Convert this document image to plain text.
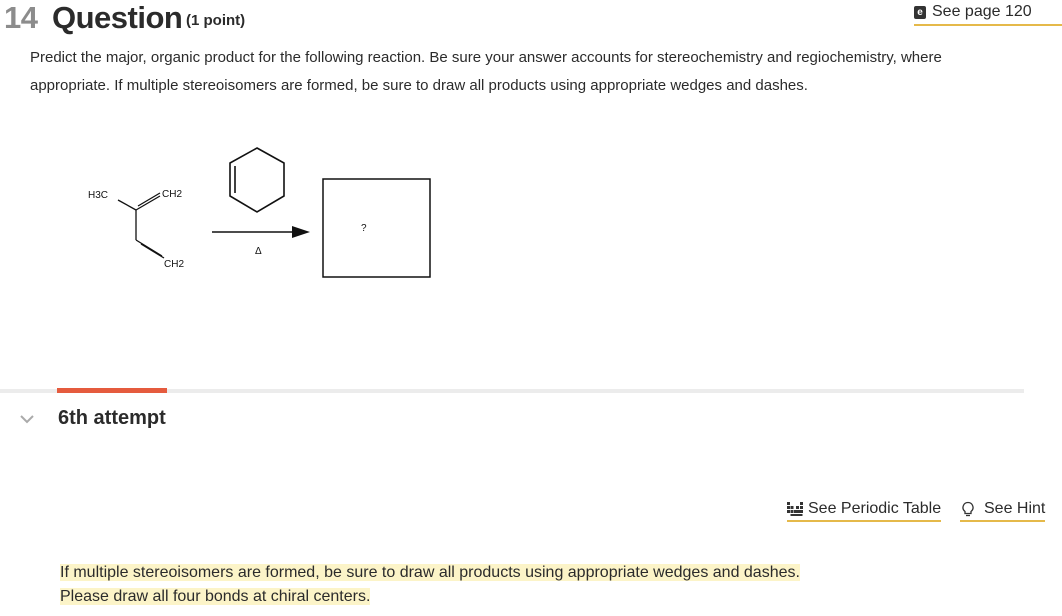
14 Question (1 point)	e See page 120
Predict the major, organic product for the following reaction. Be sure your answer accounts for stereochemistry and regiochemistry, where appropriate. If multiple stereoisomers are formed, be sure to draw all products using appropriate wedges and dashes.
H3C	CH2
CH2
Δ
?
6th attempt
See Periodic Table	See Hint
If multiple stereoisomers are formed, be sure to draw all products using appropriate wedges and dashes.
Please draw all four bonds at chiral centers.
